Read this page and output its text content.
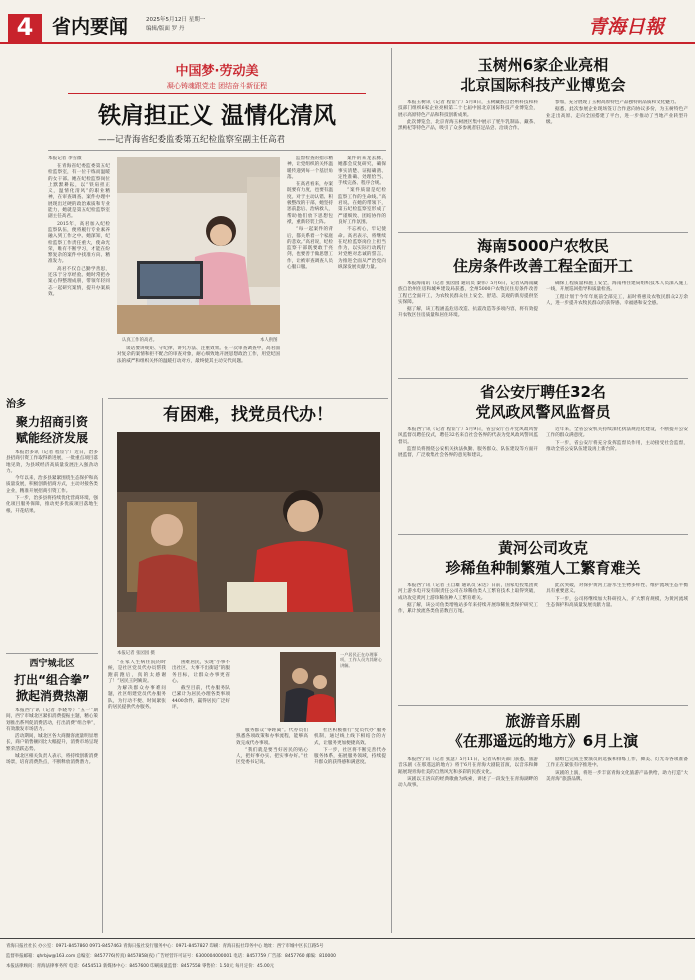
4 省内要闻	2025年5月12日 星期一
编辑/版面 罗 丹	青海日報
中国梦·劳动美
凝心铸魂跟党走 团结奋斗新征程
铁肩担正义 温情化清风
——记青海省纪委监委第五纪检监察室副主任高君
本报记者 李雪薇

在青海省纪委监委第五纪检监察室，有一位干练而温暖的女干部。她在纪检监察岗位上默默耕耘，以“铁肩担正义，温情化清风”的职业精神，在审查调查、案件办理中展现出过硬的政治素质和专业能力，她就是第五纪检监察室副主任高君。

2015年，高君加入纪检监察队伍，便将履行专业素养融入到工作之中。她深知，纪检监察工作责任重大，使命光荣，唯有不断学习，才能在纷繁复杂的案件中找准方向、精准发力。

高君不仅自己勤学善思，还乐于分享经验。她时常把办案心得整理成册，带领年轻同志一起研究案情，提升办案质效。

认真工作的高君。	本人供图

谈话要讲规矩、守纪律，讲究方法、注重效果。在一次审查调查中，高君面对复杂的案情和拒不配合的审查对象，耐心细致地开展思想政治工作，用党纪国法的威严和组织关怀的温暖打动对方，最终使其主动交代问题。

监督检查的指示精神，让党组织的关怀温暖传递到每一个基层角落。

在高君看来，办案既要有力度，也要有温度。对于主动认错、积极整改的干部，她坚持惩前毖后、治病救人，帮助他们放下思想包袱，重新轻装上阵。

“每一起案件的背后，都关系着一个家庭的悲欢。”高君说，纪检监察干部既要敢于亮剑，也要善于做思想工作，让被审查调查人员心服口服。

案件的来龙去脉，她都会反复研究，确保事实清楚、证据确凿、定性准确、处理恰当、手续完备、程序合规。

“案件质量是纪检监察工作的生命线。”高君说。在她的带领下，第五纪检监察室形成了严谨细致、团结协作的良好工作氛围。

不忘初心，牢记使命。高君表示，将继续在纪检监察岗位上担当作为，以实际行动践行对党绝对忠诚的誓言，为推进全面从严治党向纵深发展贡献力量。

治多
聚力招商引资
赋能经济发展

本报治多讯（记者 程宦宁）近日，治多县招商引资工作取得新进展，一批重点项目落地见效，为县域经济高质量发展注入强劲动力。

今年以来，治多县紧紧围绕生态保护和高质量发展，积极创新招商方式，主动对接各类企业，精准开展招商引资工作。

下一步，治多县将持续优化营商环境，强化项目服务保障，推动更多优质项目落地生根、开花结果。

西宁城北区
打出“组合拳”
掀起消费热潮

本报西宁讯（记者 李晓琴）“五一”期间，西宁市城北区紧扣消费提振主题，精心策划推出系列促消费活动，打出消费“组合拳”，有效激发市场活力。

活动期间，城北区各大商圈客流量明显增长，商户销售额同比大幅提升，消费市场呈现繁荣活跃态势。

城北区相关负责人表示，将持续创新消费场景，培育消费热点，不断释放消费潜力。

有困难，找党员代办！
一户居民正在办理事项，工作人员为其耐心讲解。
本报记者 张园园 摄

“在家人生病住院的时候，是社区党员代办员帮我跑前跑后，真的太感谢了！”居民王阿姨说。

为解决群众办事难问题，社区组建党员代办服务队，为行动不便、时间紧张的居民提供代办服务。

困难居民，实现“小事不出社区、大事不出街道”的服务目标，让群众办事更省心。

截至目前，代办服务队已累计为居民办理各类事项4400余件，赢得居民广泛好评。

服务群众“零距离”。代办员们熟悉各项政策和办事流程，能够高效完成代办事项。

“我们就是要当好居民的贴心人，把好事办实、把实事办好。”社区党委书记说。

社区积极推行“党员代办”服务机制，通过线上线下相结合的方式，让服务更加便捷高效。

下一步，社区将不断完善代办服务体系，拓展服务领域，持续提升群众的获得感和满意度。

玉树州6家企业亮相
北京国际科技产业博览会

本报玉树讯（记者 程宦宁）5月8日，玉树藏族自治州科技和科技部门组织6家企业亮相第二十七届中国北京国际科技产业博览会，展示高原特色产品和科技创新成果。

此次博览会，北京青海玉树展区集中展示了牦牛乳制品、藏茶、黑枸杞等特色产品，吸引了众多参观者驻足品尝、洽谈合作。

参加，充分展现了玉树高原特色产品独特的品质和文化魅力。

据悉，此次参展企业现场签订合作意向协议多份，为玉树特色产业走出高原、走向全国搭建了平台，进一步推动了当地产业转型升级。

海南5000户农牧民
住房条件改善工程全面开工

本报海南讯（记者 张园园 通讯员 秦伟）5月6日，记者从海南藏族自治州住房和城乡建设局获悉，全州5000户农牧民住房条件改善工程已全面开工，为农牧民群众住上安全、舒适、美观的新房提供坚实保障。

据了解，该工程涵盖危房改造、抗震改造等多项内容，将有效提升农牧区住房质量和居住环境。

确保工程质量和施工安全，海南州住建局组织技术人员深入施工一线，开展巡回指导和质量检查。

工程计划于今年年底前全部完工，届时将惠及农牧民群众2万余人，进一步提升农牧民群众的获得感、幸福感和安全感。

省公安厅聘任32名
党风政风警风监督员

本报西宁讯（记者 程宦宁）5月9日，省公安厅召开党风政风警风监督员聘任仪式，聘任32名来自社会各界的代表为党风政风警风监督员。

监督员将围绕公安机关执法执勤、服务群众、队伍建设等方面开展监督，广泛收集社会各界的意见和建议。

近年来，全省公安机关持续深化执法规范化建设，不断提升公安工作的群众满意度。

下一步，省公安厅将充分发挥监督员作用，主动接受社会监督，推动全省公安队伍建设再上新台阶。

黄河公司攻克
珍稀鱼种制繁殖人工繁育难关

本报西宁讯（记者 王自雄 通讯员 宋达）日前，国家电投集团黄河上游水电开发有限责任公司在珍稀鱼类人工繁育技术上取得突破，成功攻克黄河上游珍稀鱼种人工繁育难关。

据了解，该公司鱼类增殖站多年来持续开展珍稀鱼类保护研究工作，累计放流各类鱼苗数百万尾。

此次突破，对保护黄河上游水生生物多样性、维护流域生态平衡具有重要意义。

下一步，公司将继续加大科研投入，扩大繁育规模，为黄河流域生态保护和高质量发展贡献力量。

旅游音乐剧
《在那遥远的地方》6月上演

本报西宁讯（记者 张慧）5月11日，记者从相关部门获悉，旅游音乐剧《在那遥远的地方》将于6月在青海大剧院首演，以音乐和舞蹈展现青海壮美的自然风光和多彩的民族文化。

该剧以王洛宾的经典歌曲为线索，讲述了一段发生在青海湖畔的动人故事。

剧组已完成主要演员的选拔和排练工作，舞美、灯光等各项准备工作正在紧张有序推进中。

该剧的上演，将进一步丰富青海文化旅游产品供给，助力打造“大美青海”旅游品牌。

青海日报社社长 办公室：0971-8457860 0971-8457463 青海日报社发行服务中心：0971-8457827 印刷：青海日报社印务中心 地址：西宁市城中区长江路5号
监督举报邮箱：qhrbjw@163.com 总编室：8457776(传真) 8457858(夜) 广告经营许可证号：6300004000001 电话：8457759 广告部：8457760 邮编：810000
本报法律顾问：青海法律事务所 电话：6454513 新媒体中心：8457600 印刷质量监督：8457558 零售价：1.50元 每月定价：45.00元
